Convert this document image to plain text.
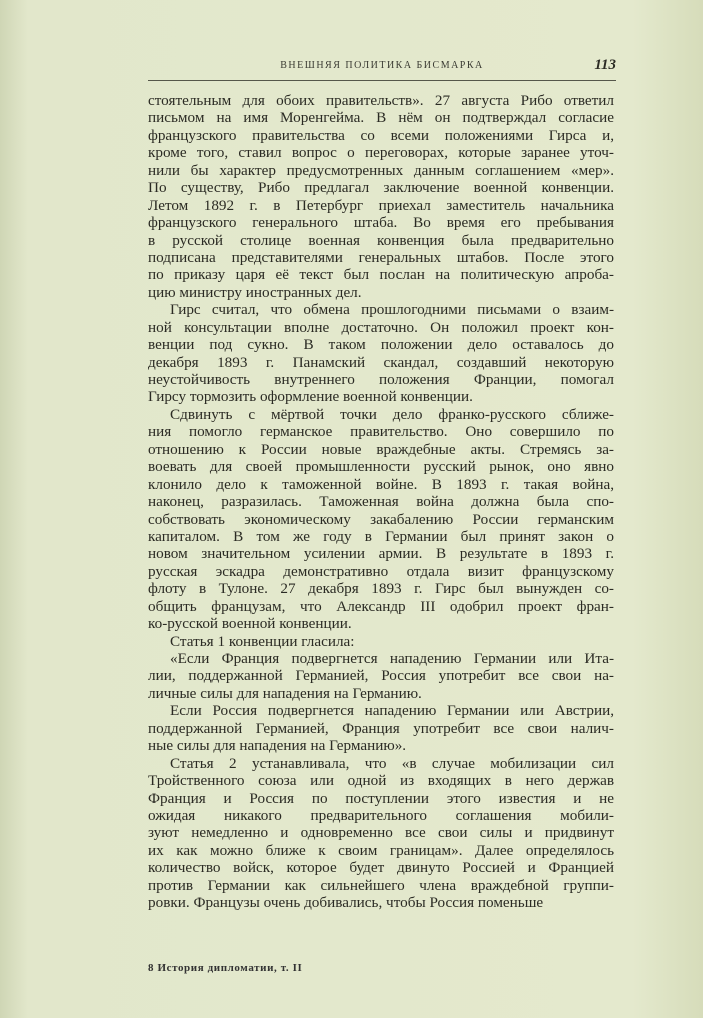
ВНЕШНЯЯ ПОЛИТИКА БИСМАРКА	113
стоятельным для обоих правительств». 27 августа Рибо ответил
письмом на имя Моренгейма. В нём он подтверждал согласие
французского правительства со всеми положениями Гирса и,
кроме того, ставил вопрос о переговорах, которые заранее уточ-
нили бы характер предусмотренных данным соглашением «мер».
По существу, Рибо предлагал заключение военной конвенции.
Летом 1892 г. в Петербург приехал заместитель начальника
французского генерального штаба. Во время его пребывания
в русской столице военная конвенция была предварительно
подписана представителями генеральных штабов. После этого
по приказу царя её текст был послан на политическую апроба-
цию министру иностранных дел.
Гирс считал, что обмена прошлогодними письмами о взаим-
ной консультации вполне достаточно. Он положил проект кон-
венции под сукно. В таком положении дело оставалось до
декабря 1893 г. Панамский скандал, создавший некоторую
неустойчивость внутреннего положения Франции, помогал
Гирсу тормозить оформление военной конвенции.
Сдвинуть с мёртвой точки дело франко-русского сближе-
ния помогло германское правительство. Оно совершило по
отношению к России новые враждебные акты. Стремясь за-
воевать для своей промышленности русский рынок, оно явно
клонило дело к таможенной войне. В 1893 г. такая война,
наконец, разразилась. Таможенная война должна была спо-
собствовать экономическому закабалению России германским
капиталом. В том же году в Германии был принят закон о
новом значительном усилении армии. В результате в 1893 г.
русская эскадра демонстративно отдала визит французскому
флоту в Тулоне. 27 декабря 1893 г. Гирс был вынужден со-
общить французам, что Александр III одобрил проект фран-
ко-русской военной конвенции.
Статья 1 конвенции гласила:
«Если Франция подвергнется нападению Германии или Ита-
лии, поддержанной Германией, Россия употребит все свои на-
личные силы для нападения на Германию.
Если Россия подвергнется нападению Германии или Австрии,
поддержанной Германией, Франция употребит все свои налич-
ные силы для нападения на Германию».
Статья 2 устанавливала, что «в случае мобилизации сил
Тройственного союза или одной из входящих в него держав
Франция и Россия по поступлении этого известия и не
ожидая никакого предварительного соглашения мобили-
зуют немедленно и одновременно все свои силы и придвинут
их как можно ближе к своим границам». Далее определялось
количество войск, которое будет двинуто Россией и Францией
против Германии как сильнейшего члена враждебной группи-
ровки. Французы очень добивались, чтобы Россия поменьше
8 История дипломатии, т. II
